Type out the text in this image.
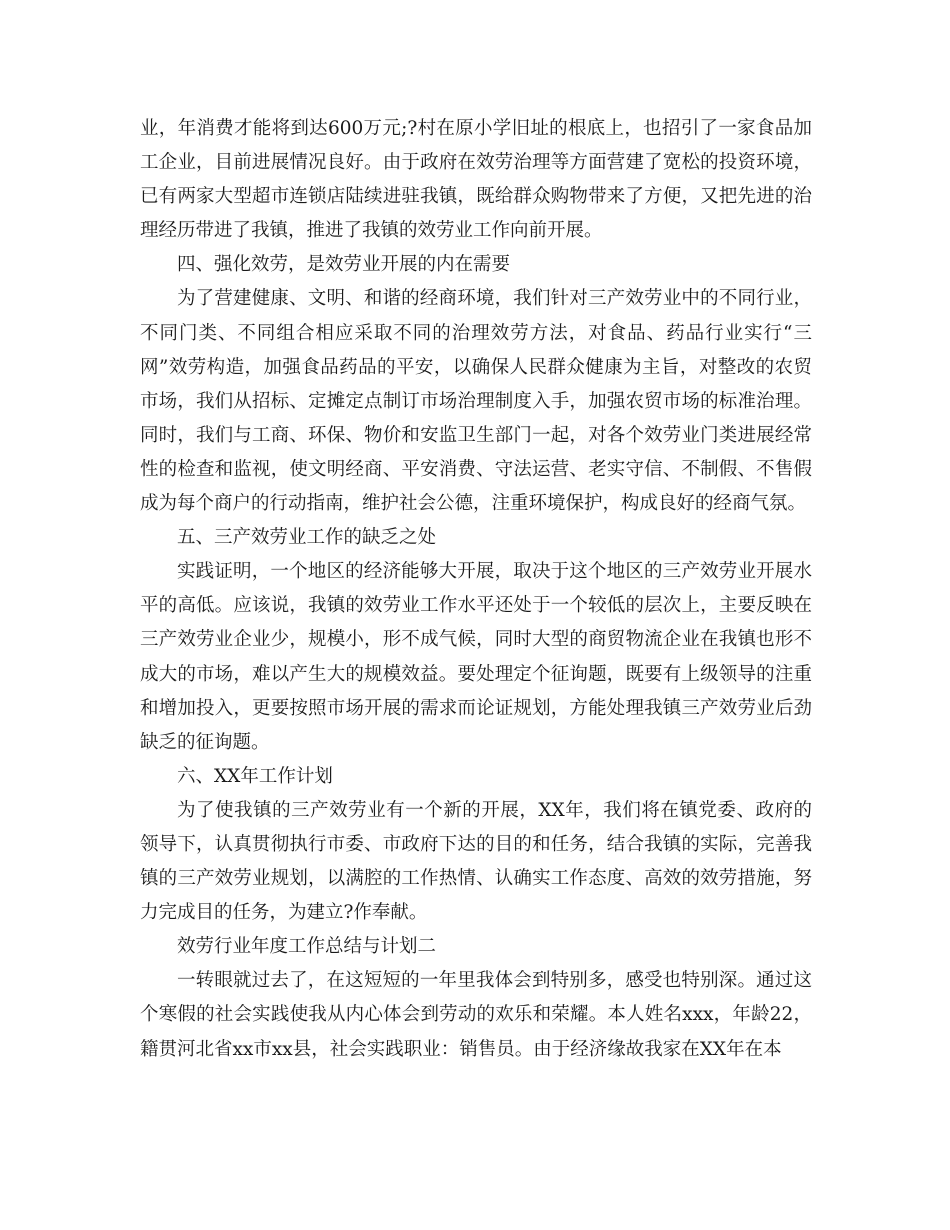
业，年消费才能将到达600万元;?村在原小学旧址的根底上，也招引了一家食品加工企业，目前进展情况良好。由于政府在效劳治理等方面营建了宽松的投资环境，已有两家大型超市连锁店陆续进驻我镇，既给群众购物带来了方便，又把先进的治理经历带进了我镇，推进了我镇的效劳业工作向前开展。

四、强化效劳，是效劳业开展的内在需要

为了营建健康、文明、和谐的经商环境，我们针对三产效劳业中的不同行业，不同门类、不同组合相应采取不同的治理效劳方法，对食品、药品行业实行“三网”效劳构造，加强食品药品的平安，以确保人民群众健康为主旨，对整改的农贸市场，我们从招标、定摊定点制订市场治理制度入手，加强农贸市场的标准治理。同时，我们与工商、环保、物价和安监卫生部门一起，对各个效劳业门类进展经常性的检查和监视，使文明经商、平安消费、守法运营、老实守信、不制假、不售假成为每个商户的行动指南，维护社会公德，注重环境保护，构成良好的经商气氛。

五、三产效劳业工作的缺乏之处

实践证明，一个地区的经济能够大开展，取决于这个地区的三产效劳业开展水平的高低。应该说，我镇的效劳业工作水平还处于一个较低的层次上，主要反映在三产效劳业企业少，规模小，形不成气候，同时大型的商贸物流企业在我镇也形不成大的市场，难以产生大的规模效益。要处理定个征询题，既要有上级领导的注重和增加投入，更要按照市场开展的需求而论证规划，方能处理我镇三产效劳业后劲缺乏的征询题。

六、XX年工作计划

为了使我镇的三产效劳业有一个新的开展，XX年，我们将在镇党委、政府的领导下，认真贯彻执行市委、市政府下达的目的和任务，结合我镇的实际，完善我镇的三产效劳业规划，以满腔的工作热情、认确实工作态度、高效的效劳措施，努力完成目的任务，为建立?作奉献。

效劳行业年度工作总结与计划二

一转眼就过去了，在这短短的一年里我体会到特别多，感受也特别深。通过这个寒假的社会实践使我从内心体会到劳动的欢乐和荣耀。本人姓名xxx，年龄22，籍贯河北省xx市xx县，社会实践职业：销售员。由于经济缘故我家在XX年在本
